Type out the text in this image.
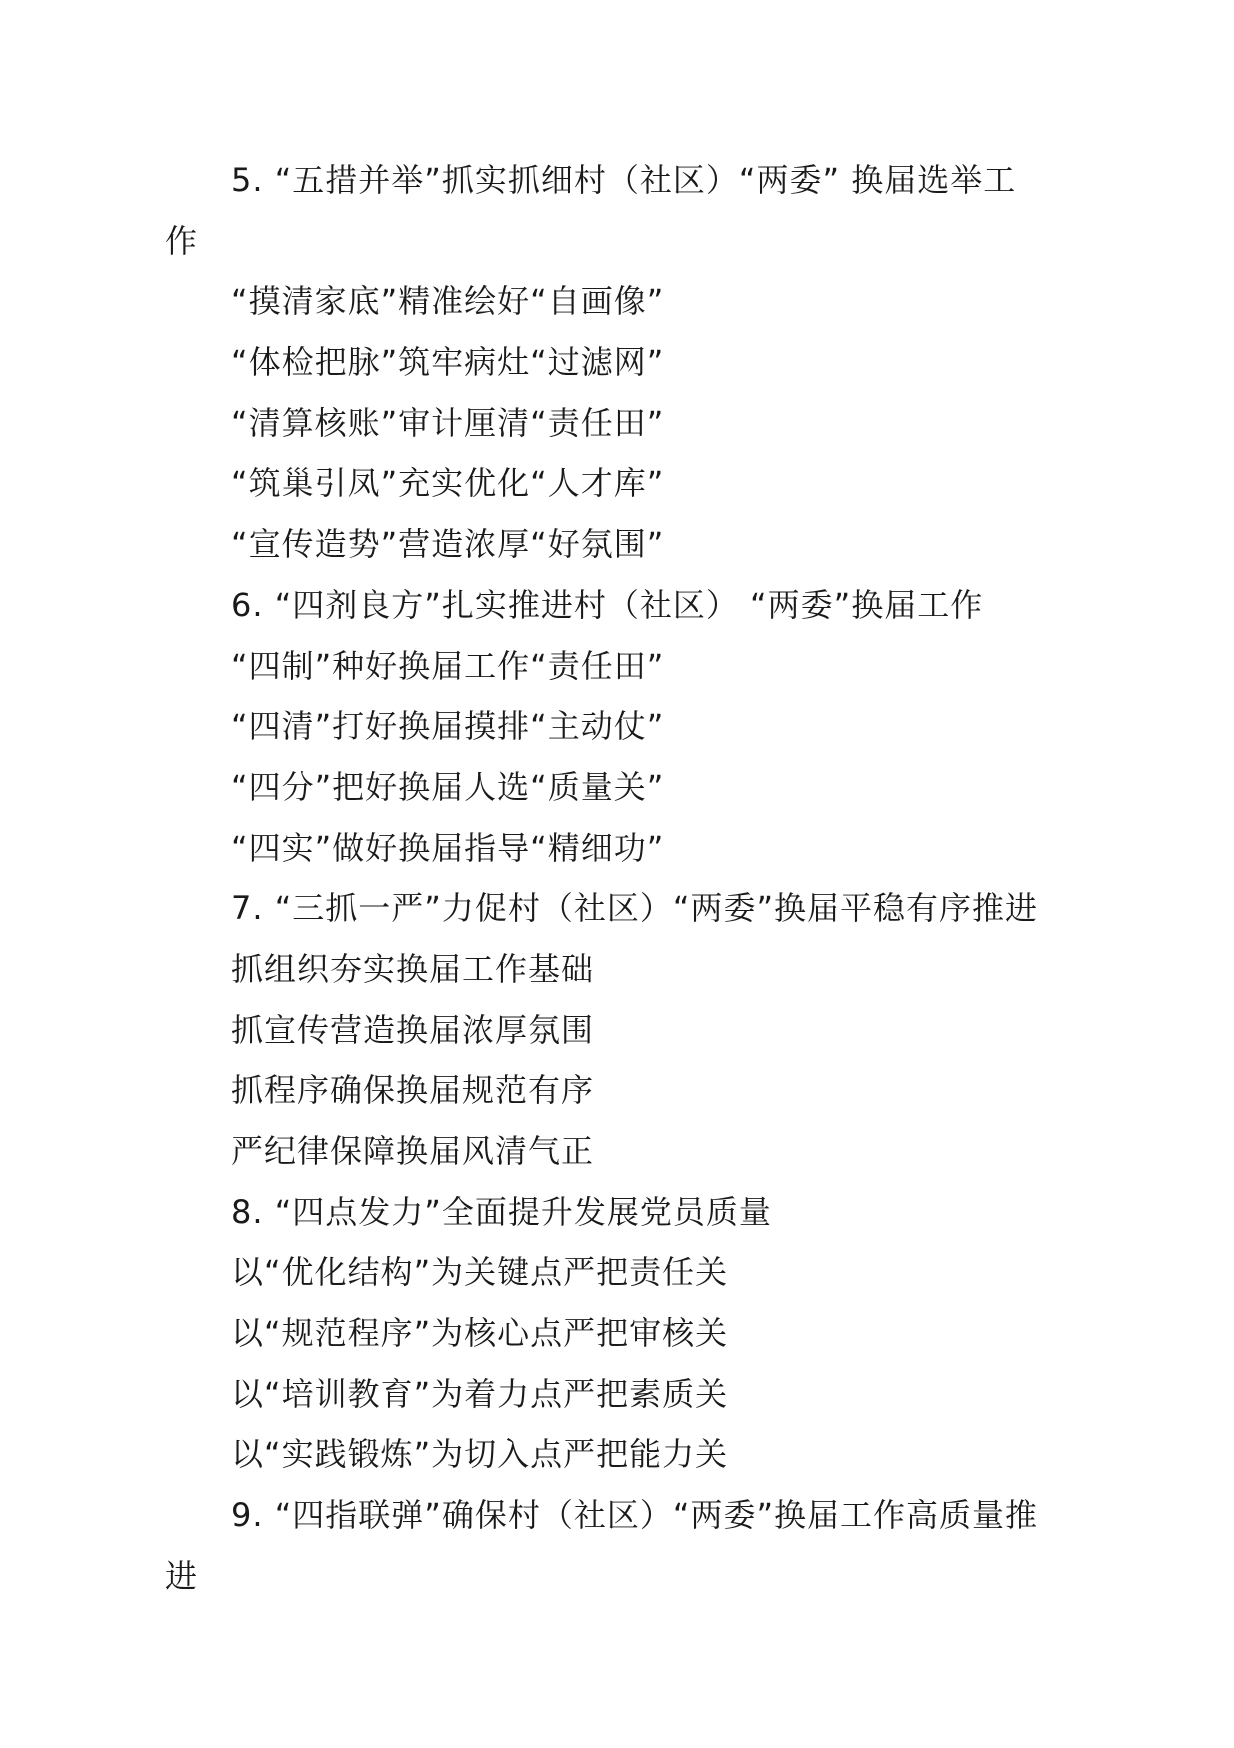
5. “五措并举”抓实抓细村（社区）“两委” 换届选举工
作
“摸清家底”精准绘好“自画像”
“体检把脉”筑牢病灶“过滤网”
“清算核账”审计厘清“责任田”
“筑巢引凤”充实优化“人才库”
“宣传造势”营造浓厚“好氛围”
6. “四剂良方”扎实推进村（社区） “两委”换届工作
“四制”种好换届工作“责任田”
“四清”打好换届摸排“主动仗”
“四分”把好换届人选“质量关”
“四实”做好换届指导“精细功”
7. “三抓一严”力促村（社区）“两委”换届平稳有序推进
抓组织夯实换届工作基础
抓宣传营造换届浓厚氛围
抓程序确保换届规范有序
严纪律保障换届风清气正
8. “四点发力”全面提升发展党员质量
以“优化结构”为关键点严把责任关
以“规范程序”为核心点严把审核关
以“培训教育”为着力点严把素质关
以“实践锻炼”为切入点严把能力关
9. “四指联弹”确保村（社区）“两委”换届工作高质量推
进
